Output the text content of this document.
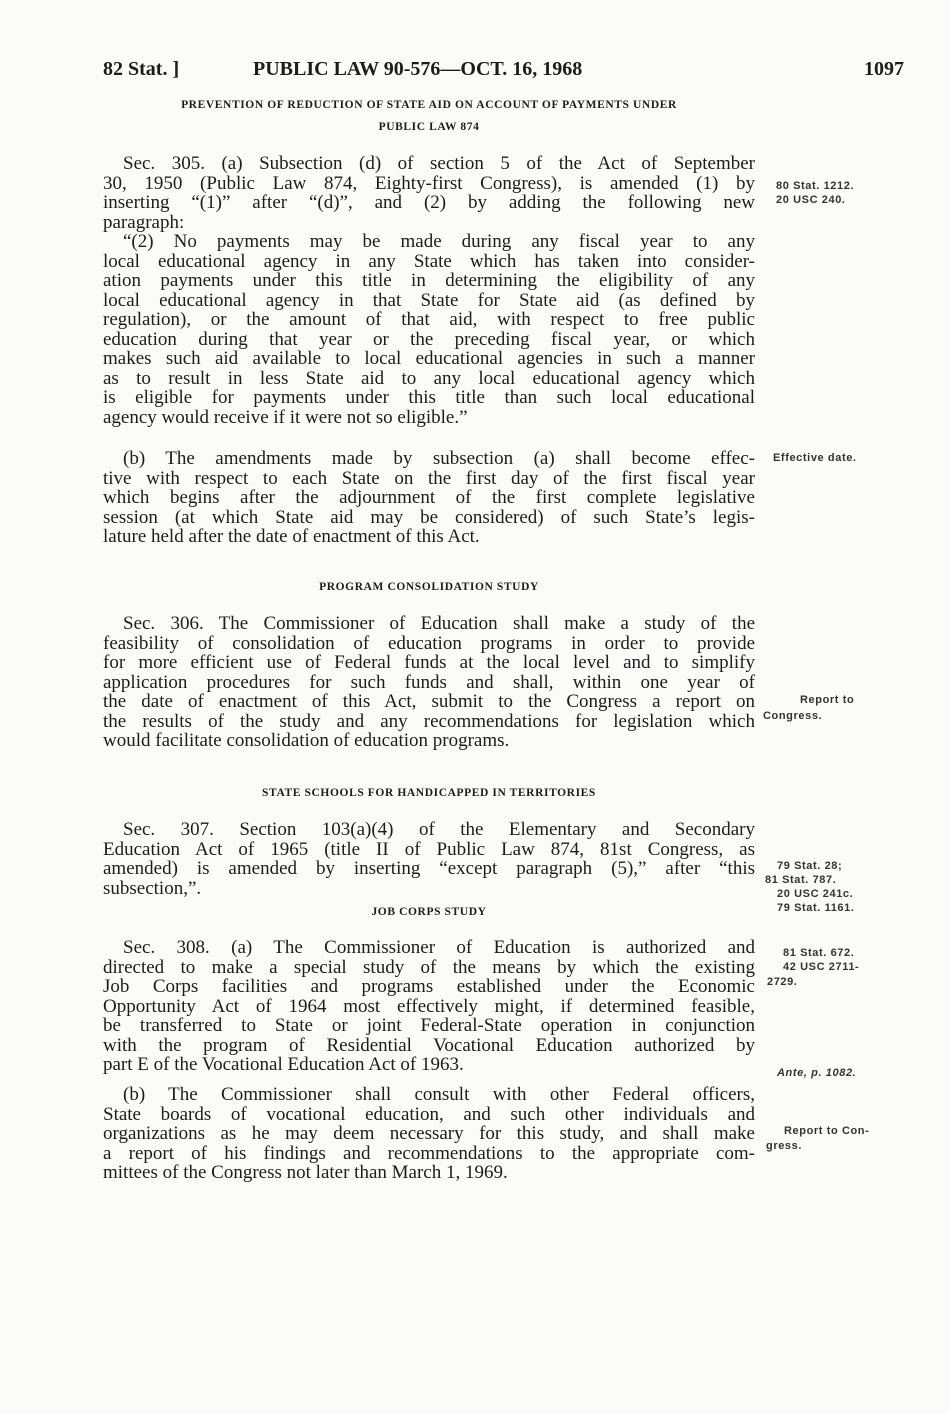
82 Stat. ]	PUBLIC LAW 90-576—OCT. 16, 1968	1097
PREVENTION OF REDUCTION OF STATE AID ON ACCOUNT OF PAYMENTS UNDER
PUBLIC LAW 874
PROGRAM CONSOLIDATION STUDY
STATE SCHOOLS FOR HANDICAPPED IN TERRITORIES
JOB CORPS STUDY
Sec. 305. (a) Subsection (d) of section 5 of the Act of September
30, 1950 (Public Law 874, Eighty-first Congress), is amended (1) by
inserting “(1)” after “(d)”, and (2) by adding the following new
paragraph:
“(2) No payments may be made during any fiscal year to any
local educational agency in any State which has taken into consider-
ation payments under this title in determining the eligibility of any
local educational agency in that State for State aid (as defined by
regulation), or the amount of that aid, with respect to free public
education during that year or the preceding fiscal year, or which
makes such aid available to local educational agencies in such a manner
as to result in less State aid to any local educational agency which
is eligible for payments under this title than such local educational
agency would receive if it were not so eligible.”
(b) The amendments made by subsection (a) shall become effec-
tive with respect to each State on the first day of the first fiscal year
which begins after the adjournment of the first complete legislative
session (at which State aid may be considered) of such State’s legis-
lature held after the date of enactment of this Act.
Sec. 306. The Commissioner of Education shall make a study of the
feasibility of consolidation of education programs in order to provide
for more efficient use of Federal funds at the local level and to simplify
application procedures for such funds and shall, within one year of
the date of enactment of this Act, submit to the Congress a report on
the results of the study and any recommendations for legislation which
would facilitate consolidation of education programs.
Sec. 307. Section 103(a)(4) of the Elementary and Secondary
Education Act of 1965 (title II of Public Law 874, 81st Congress, as
amended) is amended by inserting “except paragraph (5),” after “this
subsection,”.
Sec. 308. (a) The Commissioner of Education is authorized and
directed to make a special study of the means by which the existing
Job Corps facilities and programs established under the Economic
Opportunity Act of 1964 most effectively might, if determined feasible,
be transferred to State or joint Federal-State operation in conjunction
with the program of Residential Vocational Education authorized by
part E of the Vocational Education Act of 1963.
(b) The Commissioner shall consult with other Federal officers,
State boards of vocational education, and such other individuals and
organizations as he may deem necessary for this study, and shall make
a report of his findings and recommendations to the appropriate com-
mittees of the Congress not later than March 1, 1969.
80 Stat. 1212.
20 USC 240.
Effective date.
Report to
Congress.
79 Stat. 28;
81 Stat. 787.
20 USC 241c.
79 Stat. 1161.
81 Stat. 672.
42 USC 2711-
2729.
Ante, p. 1082.
Report to Con-
gress.
